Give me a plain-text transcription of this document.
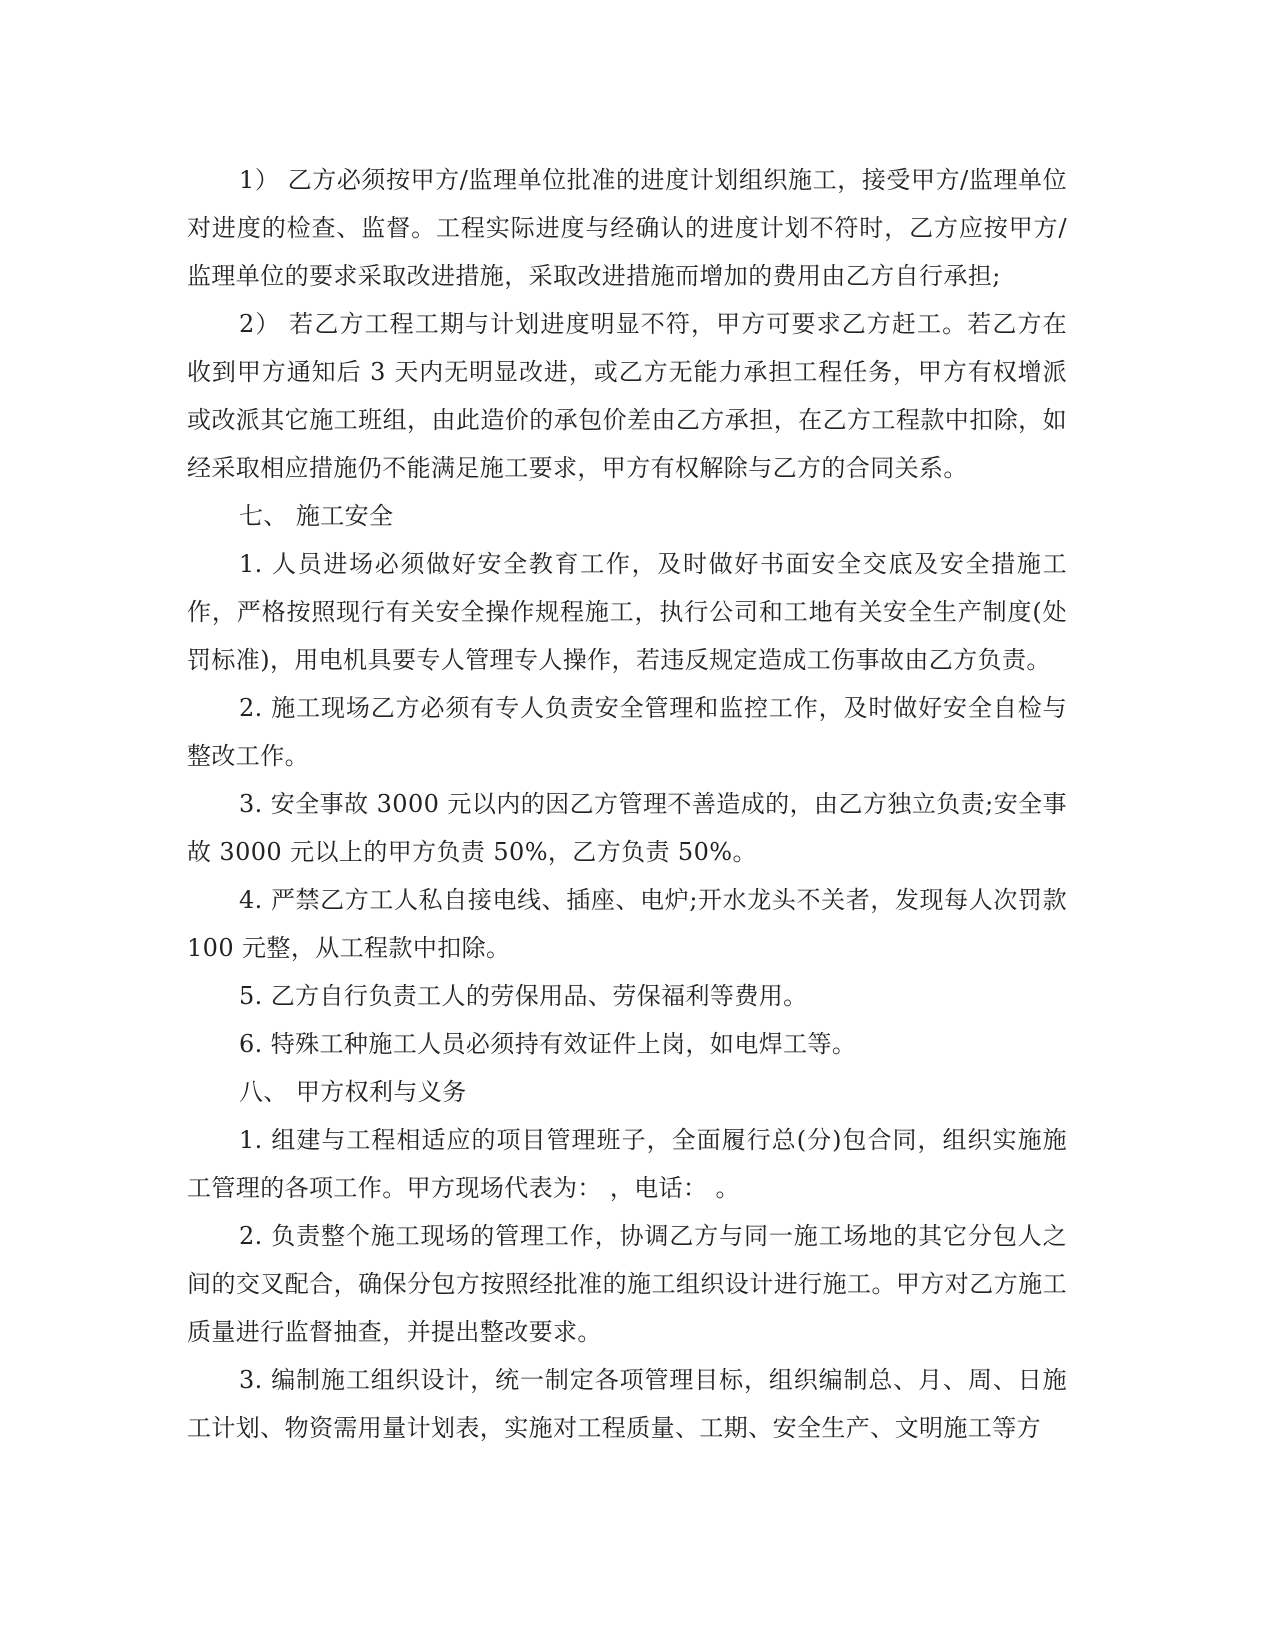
1） 乙方必须按甲方/监理单位批准的进度计划组织施工，接受甲方/监理单位对进度的检查、监督。工程实际进度与经确认的进度计划不符时，乙方应按甲方/监理单位的要求采取改进措施，采取改进措施而增加的费用由乙方自行承担;

2） 若乙方工程工期与计划进度明显不符，甲方可要求乙方赶工。若乙方在收到甲方通知后 3 天内无明显改进，或乙方无能力承担工程任务，甲方有权增派或改派其它施工班组，由此造价的承包价差由乙方承担，在乙方工程款中扣除，如经采取相应措施仍不能满足施工要求，甲方有权解除与乙方的合同关系。

七、 施工安全

1. 人员进场必须做好安全教育工作，及时做好书面安全交底及安全措施工作，严格按照现行有关安全操作规程施工，执行公司和工地有关安全生产制度(处罚标准)，用电机具要专人管理专人操作，若违反规定造成工伤事故由乙方负责。

2. 施工现场乙方必须有专人负责安全管理和监控工作，及时做好安全自检与整改工作。

3. 安全事故 3000 元以内的因乙方管理不善造成的，由乙方独立负责;安全事故 3000 元以上的甲方负责 50%，乙方负责 50%。

4. 严禁乙方工人私自接电线、插座、电炉;开水龙头不关者，发现每人次罚款 100 元整，从工程款中扣除。

5. 乙方自行负责工人的劳保用品、劳保福利等费用。

6. 特殊工种施工人员必须持有效证件上岗，如电焊工等。

八、 甲方权利与义务

1. 组建与工程相适应的项目管理班子，全面履行总(分)包合同，组织实施施工管理的各项工作。甲方现场代表为： ，电话： 。

2. 负责整个施工现场的管理工作，协调乙方与同一施工场地的其它分包人之间的交叉配合，确保分包方按照经批准的施工组织设计进行施工。甲方对乙方施工质量进行监督抽查，并提出整改要求。

3. 编制施工组织设计，统一制定各项管理目标，组织编制总、月、周、日施工计划、物资需用量计划表，实施对工程质量、工期、安全生产、文明施工等方
